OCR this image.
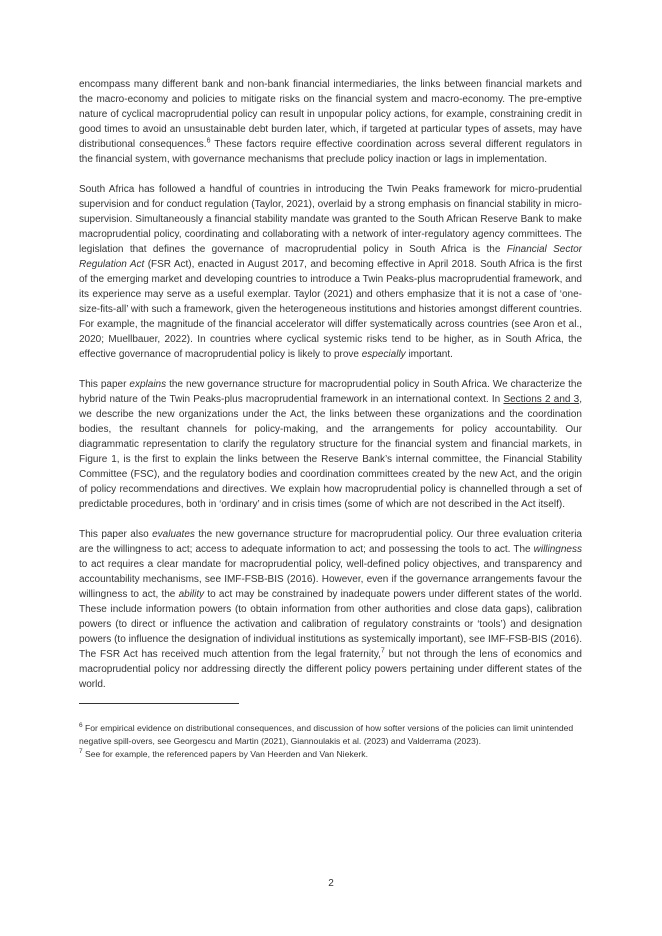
encompass many different bank and non-bank financial intermediaries, the links between financial markets and the macro-economy and policies to mitigate risks on the financial system and macro-economy. The pre-emptive nature of cyclical macroprudential policy can result in unpopular policy actions, for example, constraining credit in good times to avoid an unsustainable debt burden later, which, if targeted at particular types of assets, may have distributional consequences.$^6$ These factors require effective coordination across several different regulators in the financial system, with governance mechanisms that preclude policy inaction or lags in implementation.

South Africa has followed a handful of countries in introducing the Twin Peaks framework for micro-prudential supervision and for conduct regulation (Taylor, 2021), overlaid by a strong emphasis on financial stability in micro-supervision. Simultaneously a financial stability mandate was granted to the South African Reserve Bank to make macroprudential policy, coordinating and collaborating with a network of inter-regulatory agency committees. The legislation that defines the governance of macroprudential policy in South Africa is the Financial Sector Regulation Act (FSR Act), enacted in August 2017, and becoming effective in April 2018. South Africa is the first of the emerging market and developing countries to introduce a Twin Peaks-plus macroprudential framework, and its experience may serve as a useful exemplar. Taylor (2021) and others emphasize that it is not a case of ‘one-size-fits-all’ with such a framework, given the heterogeneous institutions and histories amongst different countries. For example, the magnitude of the financial accelerator will differ systematically across countries (see Aron et al., 2020; Muellbauer, 2022). In countries where cyclical systemic risks tend to be higher, as in South Africa, the effective governance of macroprudential policy is likely to prove especially important.

This paper explains the new governance structure for macroprudential policy in South Africa. We characterize the hybrid nature of the Twin Peaks-plus macroprudential framework in an international context. In Sections 2 and 3, we describe the new organizations under the Act, the links between these organizations and the coordination bodies, the resultant channels for policy-making, and the arrangements for policy accountability. Our diagrammatic representation to clarify the regulatory structure for the financial system and financial markets, in Figure 1, is the first to explain the links between the Reserve Bank’s internal committee, the Financial Stability Committee (FSC), and the regulatory bodies and coordination committees created by the new Act, and the origin of policy recommendations and directives. We explain how macroprudential policy is channelled through a set of predictable procedures, both in ‘ordinary’ and in crisis times (some of which are not described in the Act itself).

This paper also evaluates the new governance structure for macroprudential policy. Our three evaluation criteria are the willingness to act; access to adequate information to act; and possessing the tools to act. The willingness to act requires a clear mandate for macroprudential policy, well-defined policy objectives, and transparency and accountability mechanisms, see IMF-FSB-BIS (2016). However, even if the governance arrangements favour the willingness to act, the ability to act may be constrained by inadequate powers under different states of the world. These include information powers (to obtain information from other authorities and close data gaps), calibration powers (to direct or influence the activation and calibration of regulatory constraints or ‘tools’) and designation powers (to influence the designation of individual institutions as systemically important), see IMF-FSB-BIS (2016). The FSR Act has received much attention from the legal fraternity,$^7$ but not through the lens of economics and macroprudential policy nor addressing directly the different policy powers pertaining under different states of the world.

$^6$ For empirical evidence on distributional consequences, and discussion of how softer versions of the policies can limit unintended negative spill-overs, see Georgescu and Martin (2021), Giannoulakis et al. (2023) and Valderrama (2023).

$^7$ See for example, the referenced papers by Van Heerden and Van Niekerk.

2
